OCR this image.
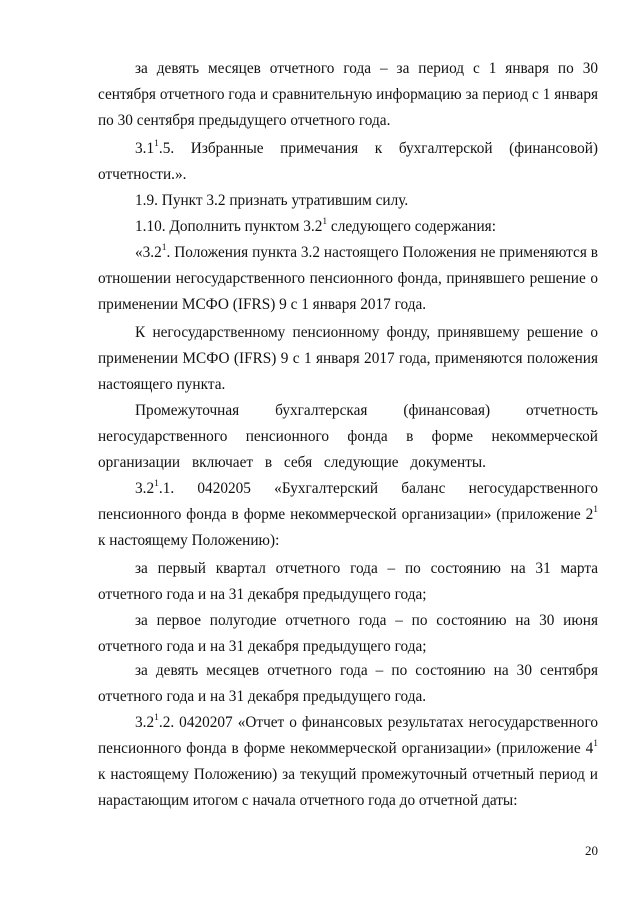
за девять месяцев отчетного года – за период с 1 января по 30 сентября отчетного года и сравнительную информацию за период с 1 января по 30 сентября предыдущего отчетного года.

$3.1^1.5$. Избранные примечания к бухгалтерской (финансовой) отчетности.».

1.9. Пункт 3.2 признать утратившим силу.

1.10. Дополнить пунктом $3.2^1$ следующего содержания:

«$3.2^1$. Положения пункта 3.2 настоящего Положения не применяются в отношении негосударственного пенсионного фонда, принявшего решение о применении МСФО (IFRS) 9 с 1 января 2017 года.

К негосударственному пенсионному фонду, принявшему решение о применении МСФО (IFRS) 9 с 1 января 2017 года, применяются положения настоящего пункта.

Промежуточная бухгалтерская (финансовая) отчетность негосударственного пенсионного фонда в форме некоммерческой организации включает в себя следующие документы.

$3.2^1.1$. 0420205 «Бухгалтерский баланс негосударственного пенсионного фонда в форме некоммерческой организации» (приложение $2^1$ к настоящему Положению):

за первый квартал отчетного года – по состоянию на 31 марта отчетного года и на 31 декабря предыдущего года;

за первое полугодие отчетного года – по состоянию на 30 июня отчетного года и на 31 декабря предыдущего года;

за девять месяцев отчетного года – по состоянию на 30 сентября отчетного года и на 31 декабря предыдущего года.

$3.2^1.2$. 0420207 «Отчет о финансовых результатах негосударственного пенсионного фонда в форме некоммерческой организации» (приложение $4^1$ к настоящему Положению) за текущий промежуточный отчетный период и нарастающим итогом с начала отчетного года до отчетной даты:

20
